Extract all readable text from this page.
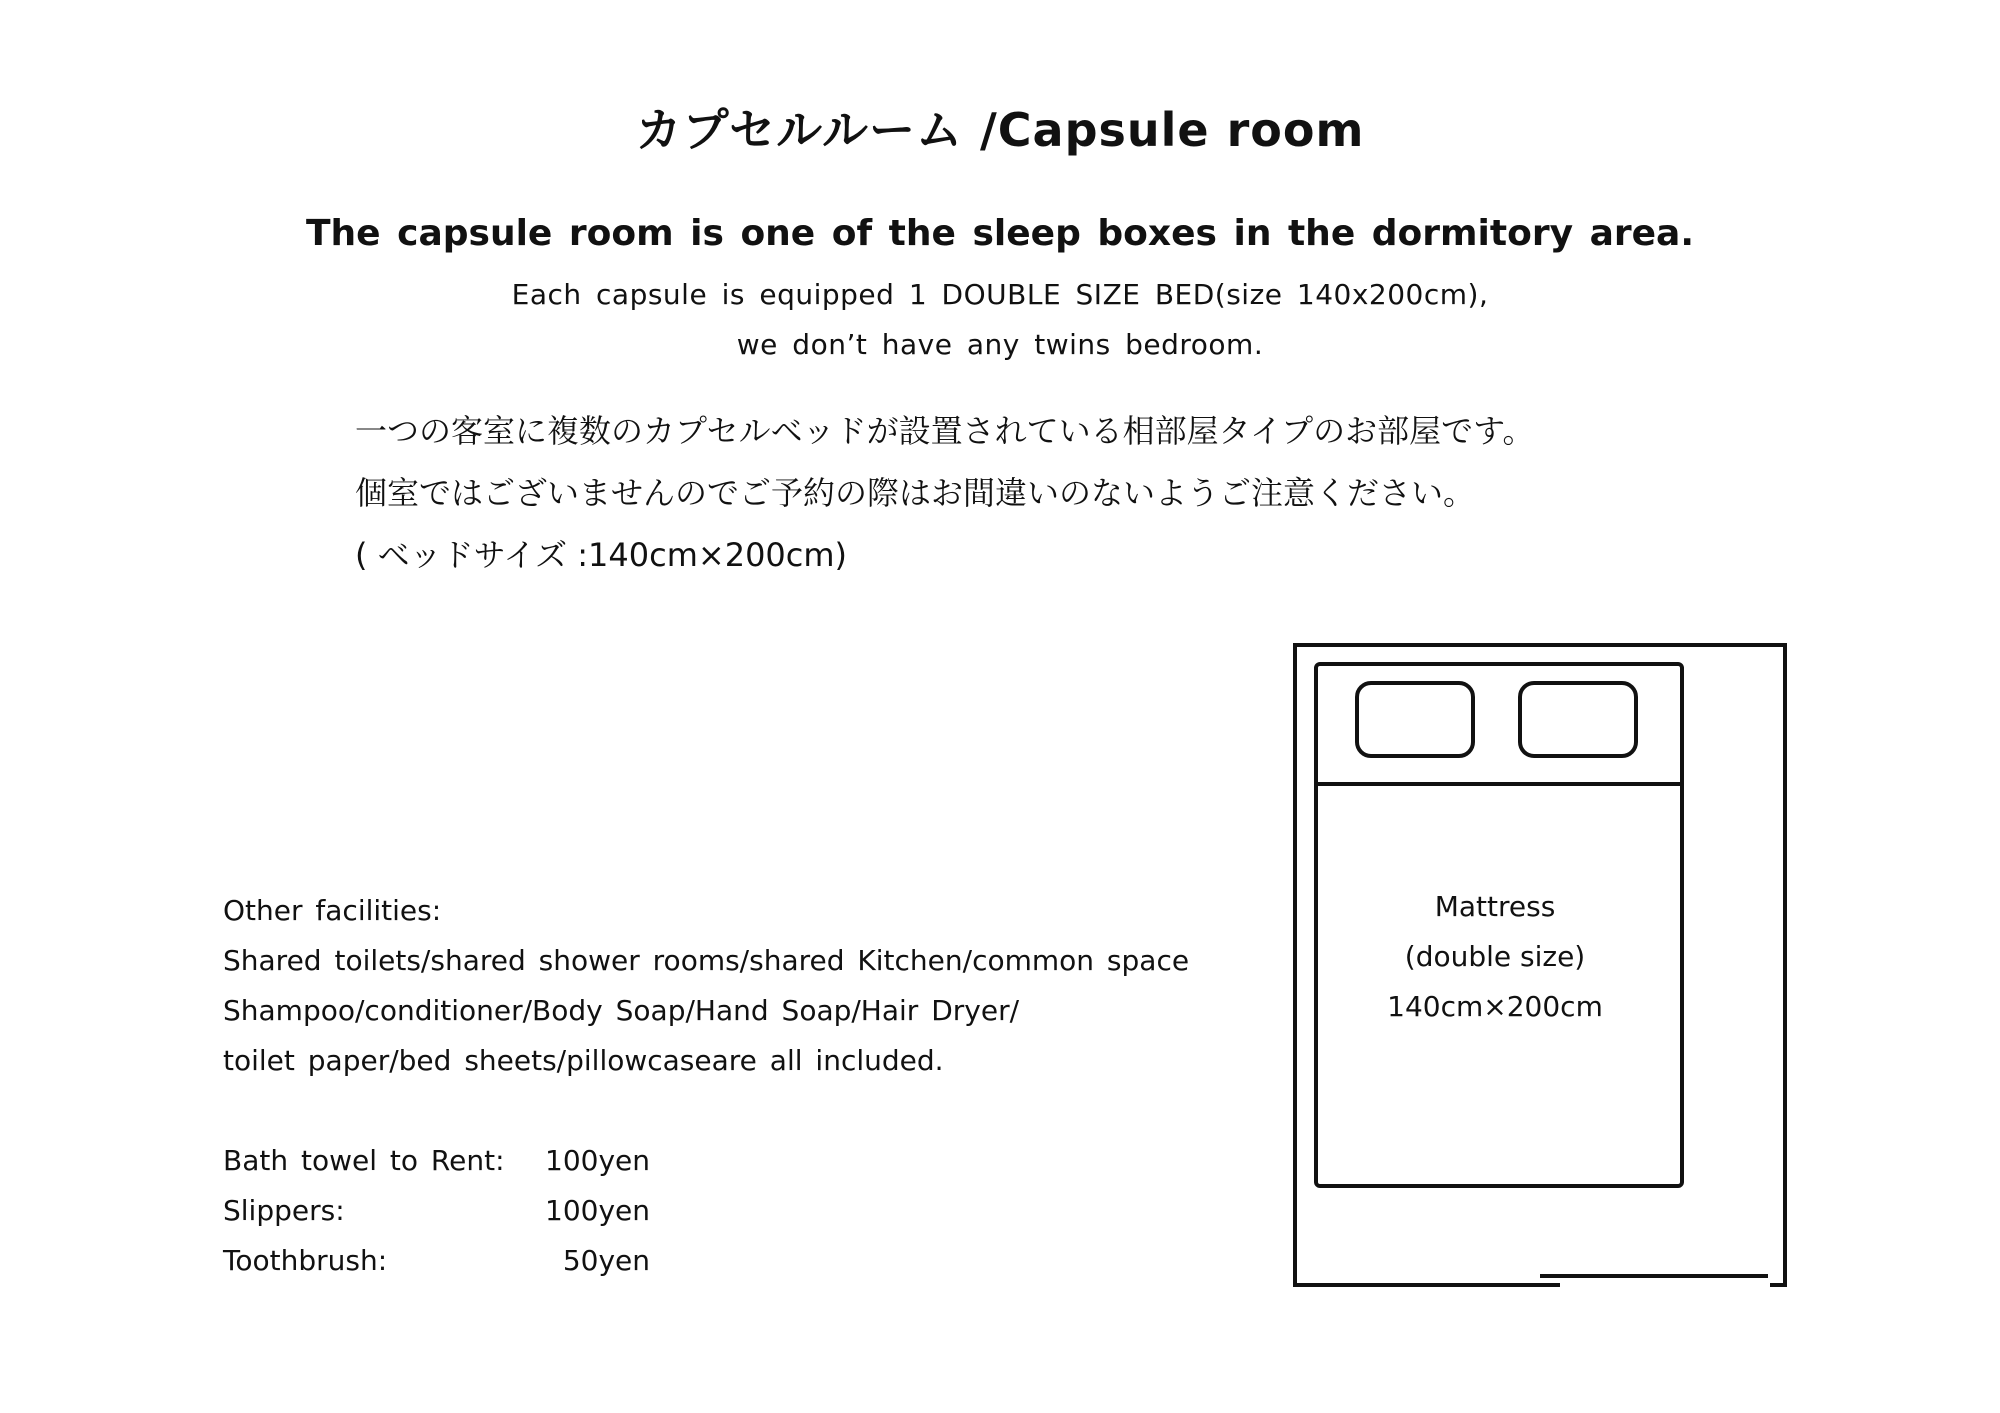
カプセルルーム /Capsule room
The capsule room is one of the sleep boxes in the dormitory area.
Each capsule is equipped 1 DOUBLE SIZE BED(size 140x200cm),
we don’t have any twins bedroom.
一つの客室に複数のカプセルベッドが設置されている相部屋タイプのお部屋です。
個室ではございませんのでご予約の際はお間違いのないようご注意ください。
( ベッドサイズ :140cm×200cm)
Other facilities:
Shared toilets/shared shower rooms/shared Kitchen/common space
Shampoo/conditioner/Body Soap/Hand Soap/Hair Dryer/
toilet paper/bed sheets/pillowcaseare all included.
Bath towel to Rent:	100yen
Slippers:	100yen
Toothbrush:	50yen
Mattress
(double size)
140cm×200cm
